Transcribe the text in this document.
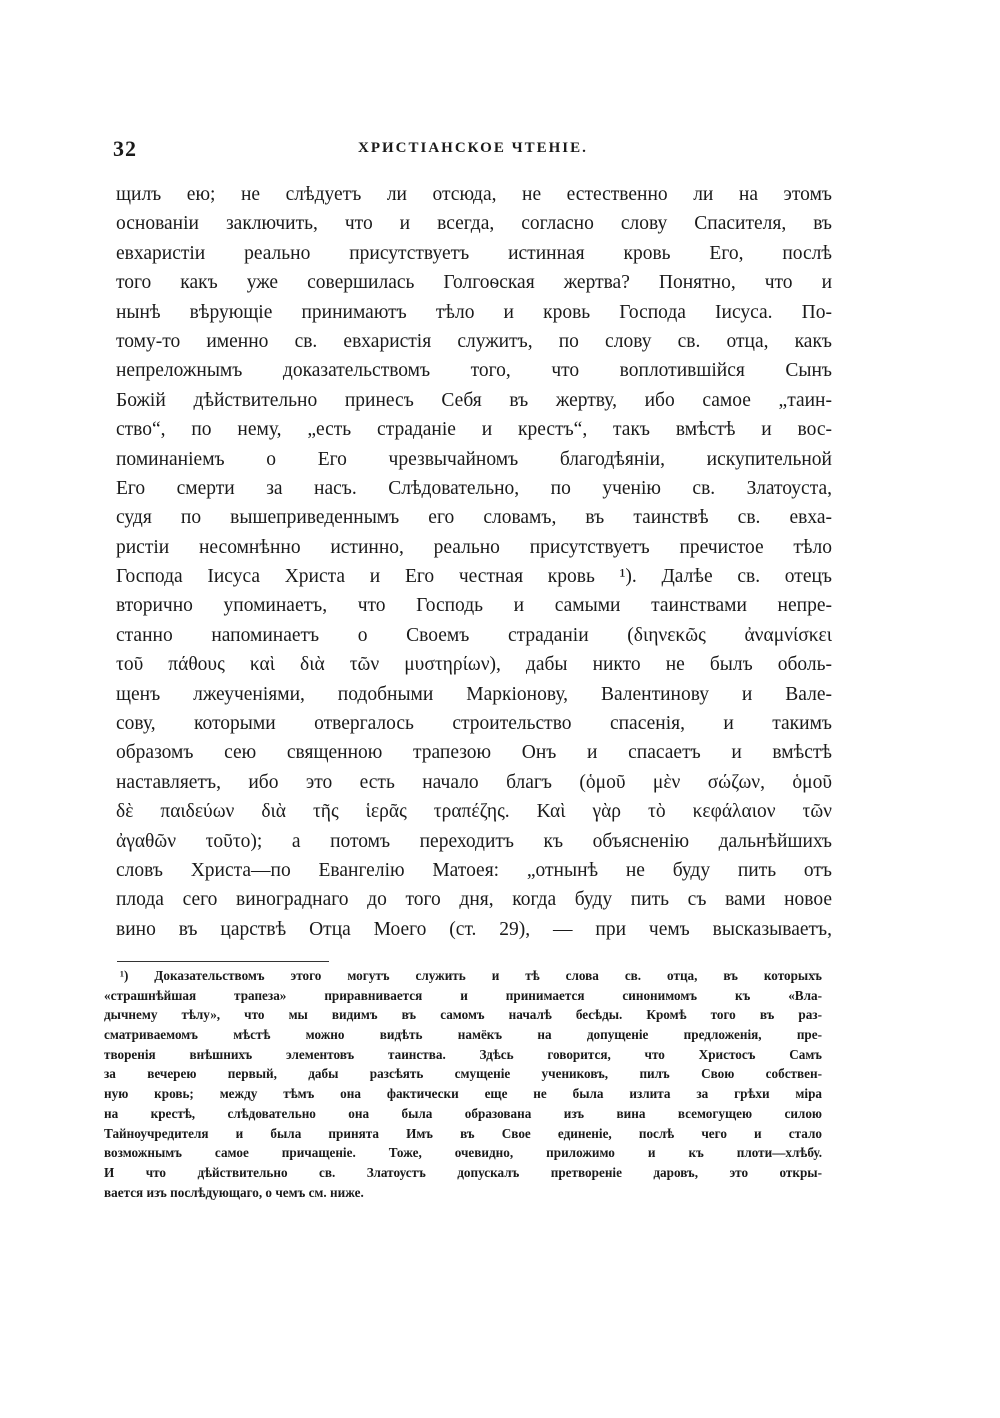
32	ХРИСТІАНСКОЕ ЧТЕНІЕ.
щилъ ею; не слѣдуетъ ли отсюда, не естественно ли на этомъ
основаніи заключить, что и всегда, согласно слову Спасителя, въ
евхаристіи реально присутствуетъ истинная кровь Его, послѣ
того какъ уже совершилась Голгоѳская жертва? Понятно, что и
нынѣ вѣрующіе принимаютъ тѣло и кровь Господа Іисуса. По-
тому-то именно св. евхаристія служитъ, по слову св. отца, какъ
непреложнымъ доказательствомъ того, что воплотившійся Сынъ
Божій дѣйствительно принесъ Себя въ жертву, ибо самое „таин-
ство“, по нему, „есть страданіе и крестъ“, такъ вмѣстѣ и вос-
поминаніемъ о Его чрезвычайномъ благодѣяніи, искупительной
Его смерти за насъ. Слѣдовательно, по ученію св. Златоуста,
судя по вышеприведеннымъ его словамъ, въ таинствѣ св. евха-
ристіи несомнѣнно истинно, реально присутствуетъ пречистое тѣло
Господа Іисуса Христа и Его честная кровь ¹). Далѣе св. отецъ
вторично упоминаетъ, что Господь и самыми таинствами непре-
станно напоминаетъ о Своемъ страданіи (διηνεκῶς ἀναμνίσκει
τοῦ πάθους καὶ διὰ τῶν μυστηρίων), дабы никто не былъ оболь-
щенъ лжеученіями, подобными Маркіонову, Валентинову и Вале-
сову, которыми отвергалось строительство спасенія, и такимъ
образомъ сею священною трапезою Онъ и спасаетъ и вмѣстѣ
наставляетъ, ибо это есть начало благъ (ὁμοῦ μὲν σώζων, ὁμοῦ
δὲ παιδεύων διὰ τῆς ἱερᾶς τραπέζης. Καὶ γὰρ τὸ κεφάλαιον τῶν
ἀγαθῶν τοῦτο); а потомъ переходитъ къ объясненію дальнѣйшихъ
словъ Христа—по Евангелію Матоея: „отнынѣ не буду пить отъ
плода сего винограднаго до того дня, когда буду пить съ вами новое
вино въ царствѣ Отца Моего (ст. 29), — при чемъ высказываетъ,
¹) Доказательствомъ этого могутъ служить и тѣ слова св. отца, въ которыхъ
«страшнѣйшая трапеза» приравнивается и принимается синонимомъ къ «Вла-
дычнему тѣлу», что мы видимъ въ самомъ началѣ бесѣды. Кромѣ того въ раз-
сматриваемомъ мѣстѣ можно видѣть намёкъ на допущеніе предложенія, пре-
творенія внѣшнихъ элементовъ таинства. Здѣсь говорится, что Христосъ Самъ
за вечерею первый, дабы разсѣять смущеніе учениковъ, пилъ Свою собствен-
ную кровь; между тѣмъ она фактически еще не была излита за грѣхи міра
на крестѣ, слѣдовательно она была образована изъ вина всемогущею силою
Тайноучредителя и была принята Имъ въ Свое единеніе, послѣ чего и стало
возможнымъ самое причащеніе. Тоже, очевидно, приложимо и къ плоти—хлѣбу.
И что дѣйствительно св. Златоустъ допускалъ претвореніе даровъ, это откры-
вается изъ послѣдующаго, о чемъ см. ниже.
